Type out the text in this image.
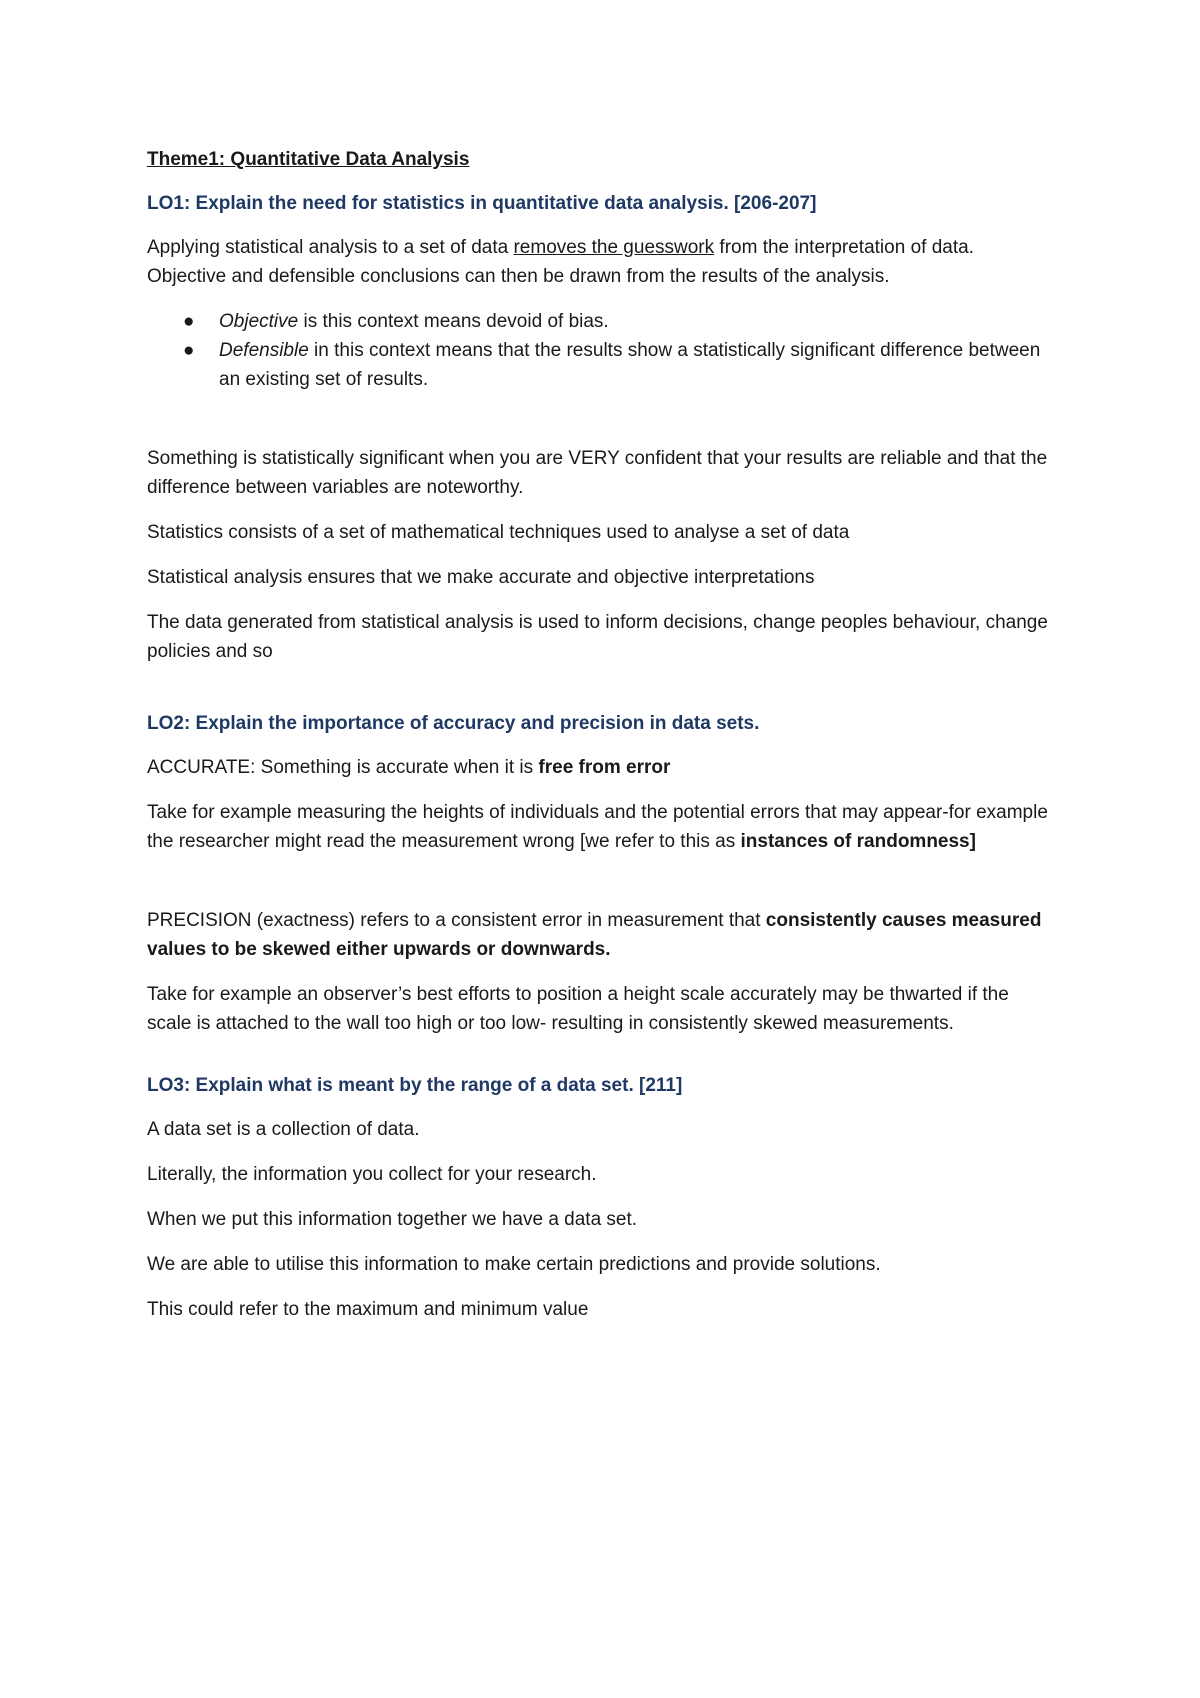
Theme1: Quantitative Data Analysis
LO1: Explain the need for statistics in quantitative data analysis. [206-207]

Applying statistical analysis to a set of data removes the guesswork from the interpretation of data. Objective and defensible conclusions can then be drawn from the results of the analysis.

● Objective is this context means devoid of bias.
● Defensible in this context means that the results show a statistically significant difference between an existing set of results.

Something is statistically significant when you are VERY confident that your results are reliable and that the difference between variables are noteworthy.

Statistics consists of a set of mathematical techniques used to analyse a set of data

Statistical analysis ensures that we make accurate and objective interpretations

The data generated from statistical analysis is used to inform decisions, change peoples behaviour, change policies and so

LO2: Explain the importance of accuracy and precision in data sets.

ACCURATE: Something is accurate when it is free from error

Take for example measuring the heights of individuals and the potential errors that may appear-for example the researcher might read the measurement wrong [we refer to this as instances of randomness]

PRECISION (exactness) refers to a consistent error in measurement that consistently causes measured values to be skewed either upwards or downwards.

Take for example an observer’s best efforts to position a height scale accurately may be thwarted if the scale is attached to the wall too high or too low- resulting in consistently skewed measurements.

LO3: Explain what is meant by the range of a data set. [211]

A data set is a collection of data.

Literally, the information you collect for your research.

When we put this information together we have a data set.

We are able to utilise this information to make certain predictions and provide solutions.

This could refer to the maximum and minimum value
